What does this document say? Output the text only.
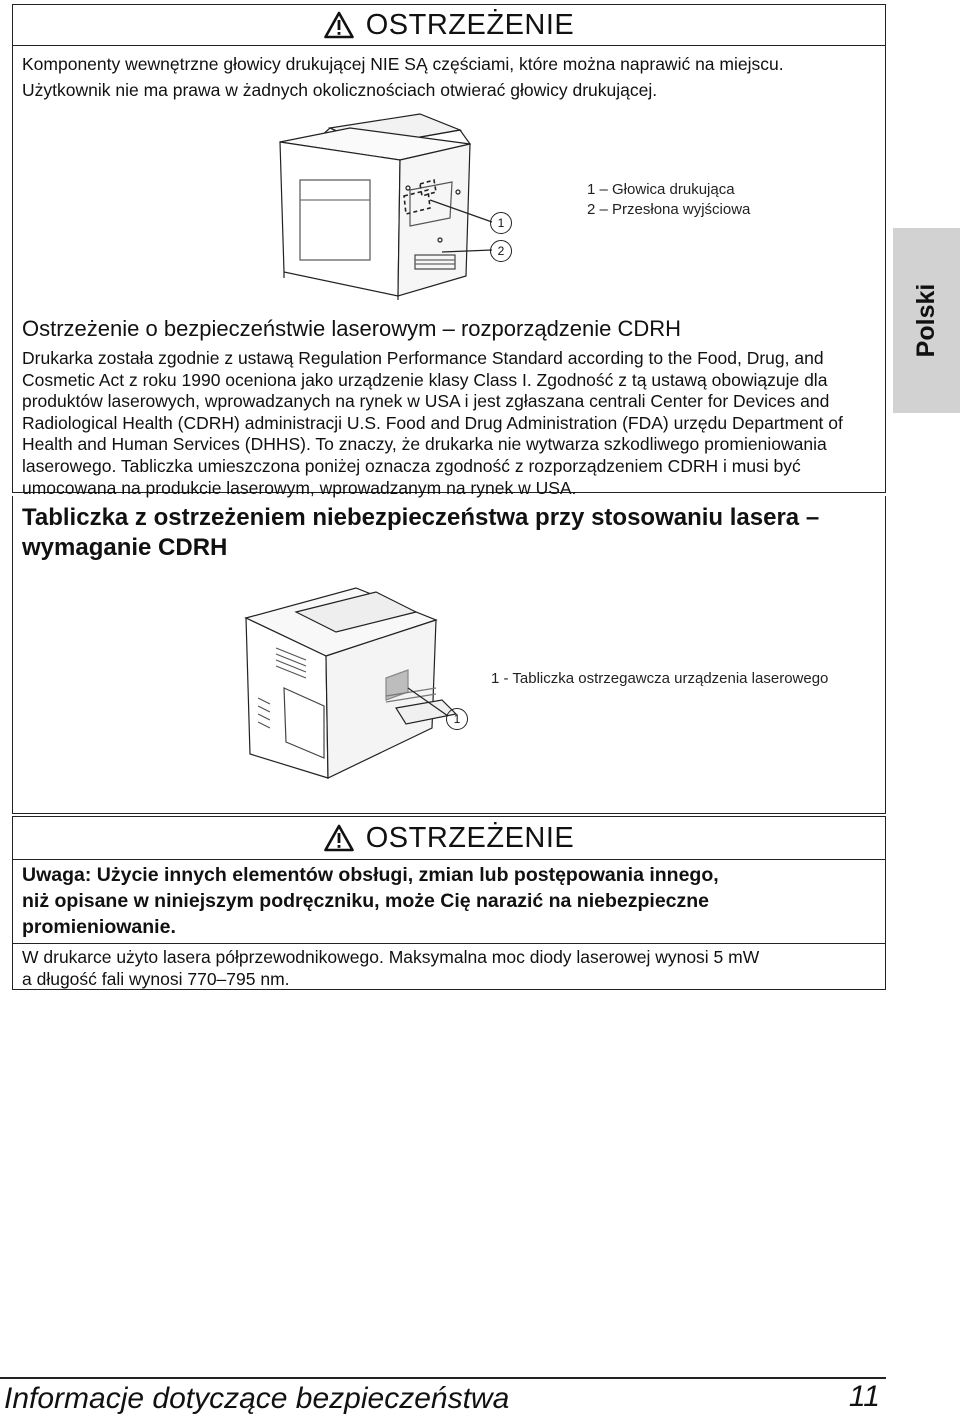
OSTRZEŻENIE
Komponenty wewnętrzne głowicy drukującej NIE SĄ częściami, które można naprawić na miejscu.
Użytkownik nie ma prawa w żadnych okolicznościach otwierać głowicy drukującej.
1
2
1 – Głowica drukująca
2 – Przesłona wyjściowa
Ostrzeżenie o bezpieczeństwie laserowym – rozporządzenie CDRH
Drukarka została zgodnie z ustawą Regulation Performance Standard according to the Food, Drug, and
Cosmetic Act z roku 1990 oceniona jako urządzenie klasy Class I. Zgodność z tą ustawą obowiązuje dla
produktów laserowych, wprowadzanych na rynek w USA i jest zgłaszana centrali Center for Devices and
Radiological Health (CDRH) administracji U.S. Food and Drug Administration (FDA) urzędu Department of
Health and Human Services (DHHS). To znaczy, że drukarka nie wytwarza szkodliwego promieniowania
laserowego. Tabliczka umieszczona poniżej oznacza zgodność z rozporządzeniem CDRH i musi być
umocowana na produkcie laserowym, wprowadzanym na rynek w USA.
Polski
Tabliczka z ostrzeżeniem niebezpieczeństwa przy stosowaniu lasera –
wymaganie CDRH
1
1 - Tabliczka ostrzegawcza urządzenia laserowego
OSTRZEŻENIE
Uwaga: Użycie innych elementów obsługi, zmian lub postępowania innego,
niż opisane w niniejszym podręczniku, może Cię narazić na niebezpieczne
promieniowanie.
W drukarce użyto lasera półprzewodnikowego. Maksymalna moc diody laserowej wynosi 5 mW
a długość fali wynosi 770–795 nm.
Informacje dotyczące bezpieczeństwa	11
